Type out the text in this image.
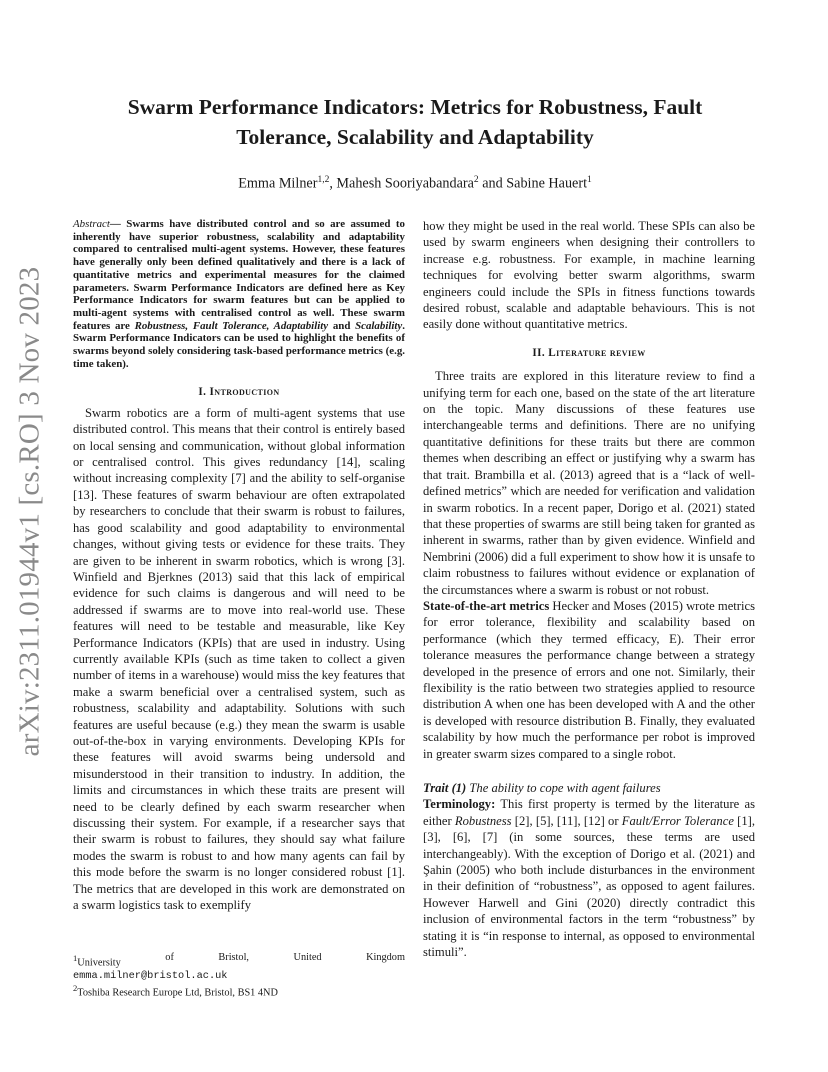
arXiv:2311.01944v1 [cs.RO] 3 Nov 2023
Swarm Performance Indicators: Metrics for Robustness, Fault Tolerance, Scalability and Adaptability
Emma Milner$^{1,2}$, Mahesh Sooriyabandara$^2$ and Sabine Hauert$^1$

Abstract— Swarms have distributed control and so are assumed to inherently have superior robustness, scalability and adaptability compared to centralised multi-agent systems. However, these features have generally only been defined qualitatively and there is a lack of quantitative metrics and experimental measures for the claimed parameters. Swarm Performance Indicators are defined here as Key Performance Indicators for swarm features but can be applied to multi-agent systems with centralised control as well. These swarm features are Robustness, Fault Tolerance, Adaptability and Scalability. Swarm Performance Indicators can be used to highlight the benefits of swarms beyond solely considering task-based performance metrics (e.g. time taken).

I. Introduction

Swarm robotics are a form of multi-agent systems that use distributed control. This means that their control is entirely based on local sensing and communication, without global information or centralised control. This gives redundancy [14], scaling without increasing complexity [7] and the ability to self-organise [13]. These features of swarm behaviour are often extrapolated by researchers to conclude that their swarm is robust to failures, has good scalability and good adaptability to environmental changes, without giving tests or evidence for these traits. They are given to be inherent in swarm robotics, which is wrong [3]. Winfield and Bjerknes (2013) said that this lack of empirical evidence for such claims is dangerous and will need to be addressed if swarms are to move into real-world use. These features will need to be testable and measurable, like Key Performance Indicators (KPIs) that are used in industry. Using currently available KPIs (such as time taken to collect a given number of items in a warehouse) would miss the key features that make a swarm beneficial over a centralised system, such as robustness, scalability and adaptability. Solutions with such features are useful because (e.g.) they mean the swarm is usable out-of-the-box in varying environments. Developing KPIs for these features will avoid swarms being undersold and misunderstood in their transition to industry. In addition, the limits and circumstances in which these traits are present will need to be clearly defined by each swarm researcher when discussing their system. For example, if a researcher says that their swarm is robust to failures, they should say what failure modes the swarm is robust to and how many agents can fail by this mode before the swarm is no longer considered robust [1]. The metrics that are developed in this work are demonstrated on a swarm logistics task to exemplify

$^1$University	of	Bristol,	United	Kingdom
emma.milner@bristol.ac.uk
$^2$Toshiba Research Europe Ltd, Bristol, BS1 4ND

how they might be used in the real world. These SPIs can also be used by swarm engineers when designing their controllers to increase e.g. robustness. For example, in machine learning techniques for evolving better swarm algorithms, swarm engineers could include the SPIs in fitness functions towards desired robust, scalable and adaptable behaviours. This is not easily done without quantitative metrics.

II. Literature review

Three traits are explored in this literature review to find a unifying term for each one, based on the state of the art literature on the topic. Many discussions of these features use interchangeable terms and definitions. There are no unifying quantitative definitions for these traits but there are common themes when describing an effect or justifying why a swarm has that trait. Brambilla et al. (2013) agreed that is a “lack of well-defined metrics” which are needed for verification and validation in swarm robotics. In a recent paper, Dorigo et al. (2021) stated that these properties of swarms are still being taken for granted as inherent in swarms, rather than by given evidence. Winfield and Nembrini (2006) did a full experiment to show how it is unsafe to claim robustness to failures without evidence or explanation of the circumstances where a swarm is robust or not robust.

State-of-the-art metrics Hecker and Moses (2015) wrote metrics for error tolerance, flexibility and scalability based on performance (which they termed efficacy, E). Their error tolerance measures the performance change between a strategy developed in the presence of errors and one not. Similarly, their flexibility is the ratio between two strategies applied to resource distribution A when one has been developed with A and the other is developed with resource distribution B. Finally, they evaluated scalability by how much the performance per robot is improved in greater swarm sizes compared to a single robot.

Trait (1) The ability to cope with agent failures

Terminology: This first property is termed by the literature as either Robustness [2], [5], [11], [12] or Fault/Error Tolerance [1], [3], [6], [7] (in some sources, these terms are used interchangeably). With the exception of Dorigo et al. (2021) and Şahin (2005) who both include disturbances in the environment in their definition of “robustness”, as opposed to agent failures. However Harwell and Gini (2020) directly contradict this inclusion of environmental factors in the term “robustness” by stating it is “in response to internal, as opposed to environmental stimuli”.
